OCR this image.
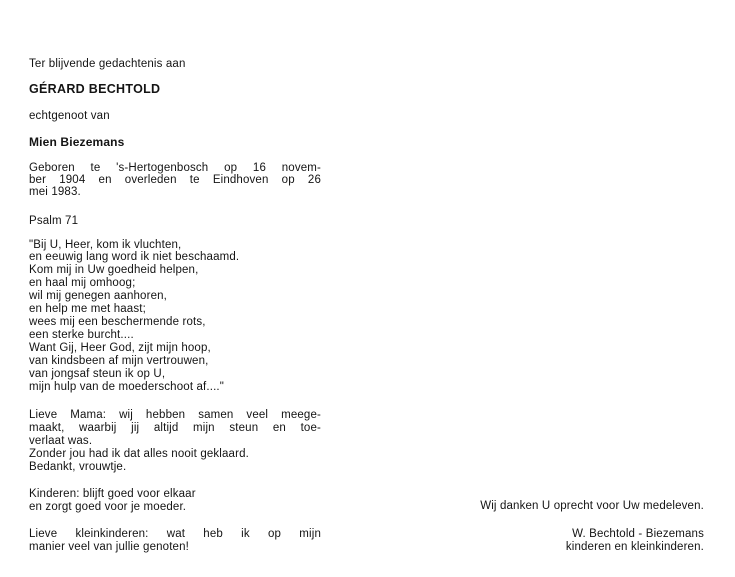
Ter blijvende gedachtenis aan
GÉRARD BECHTOLD
echtgenoot van
Mien Biezemans
Geboren te 's-Hertogenbosch op 16 novem-
ber 1904 en overleden te Eindhoven op 26
mei 1983.
Psalm 71
"Bij U, Heer, kom ik vluchten,
en eeuwig lang word ik niet beschaamd.
Kom mij in Uw goedheid helpen,
en haal mij omhoog;
wil mij genegen aanhoren,
en help me met haast;
wees mij een beschermende rots,
een sterke burcht....
Want Gij, Heer God, zijt mijn hoop,
van kindsbeen af mijn vertrouwen,
van jongsaf steun ik op U,
mijn hulp van de moederschoot af...."
Lieve Mama: wij hebben samen veel meege-
maakt, waarbij jij altijd mijn steun en toe-
verlaat was.
Zonder jou had ik dat alles nooit geklaard.
Bedankt, vrouwtje.
Kinderen: blijft goed voor elkaar
en zorgt goed voor je moeder.
Lieve kleinkinderen: wat heb ik op mijn
manier veel van jullie genoten!
Wij danken U oprecht voor Uw medeleven.
W. Bechtold - Biezemans
kinderen en kleinkinderen.
